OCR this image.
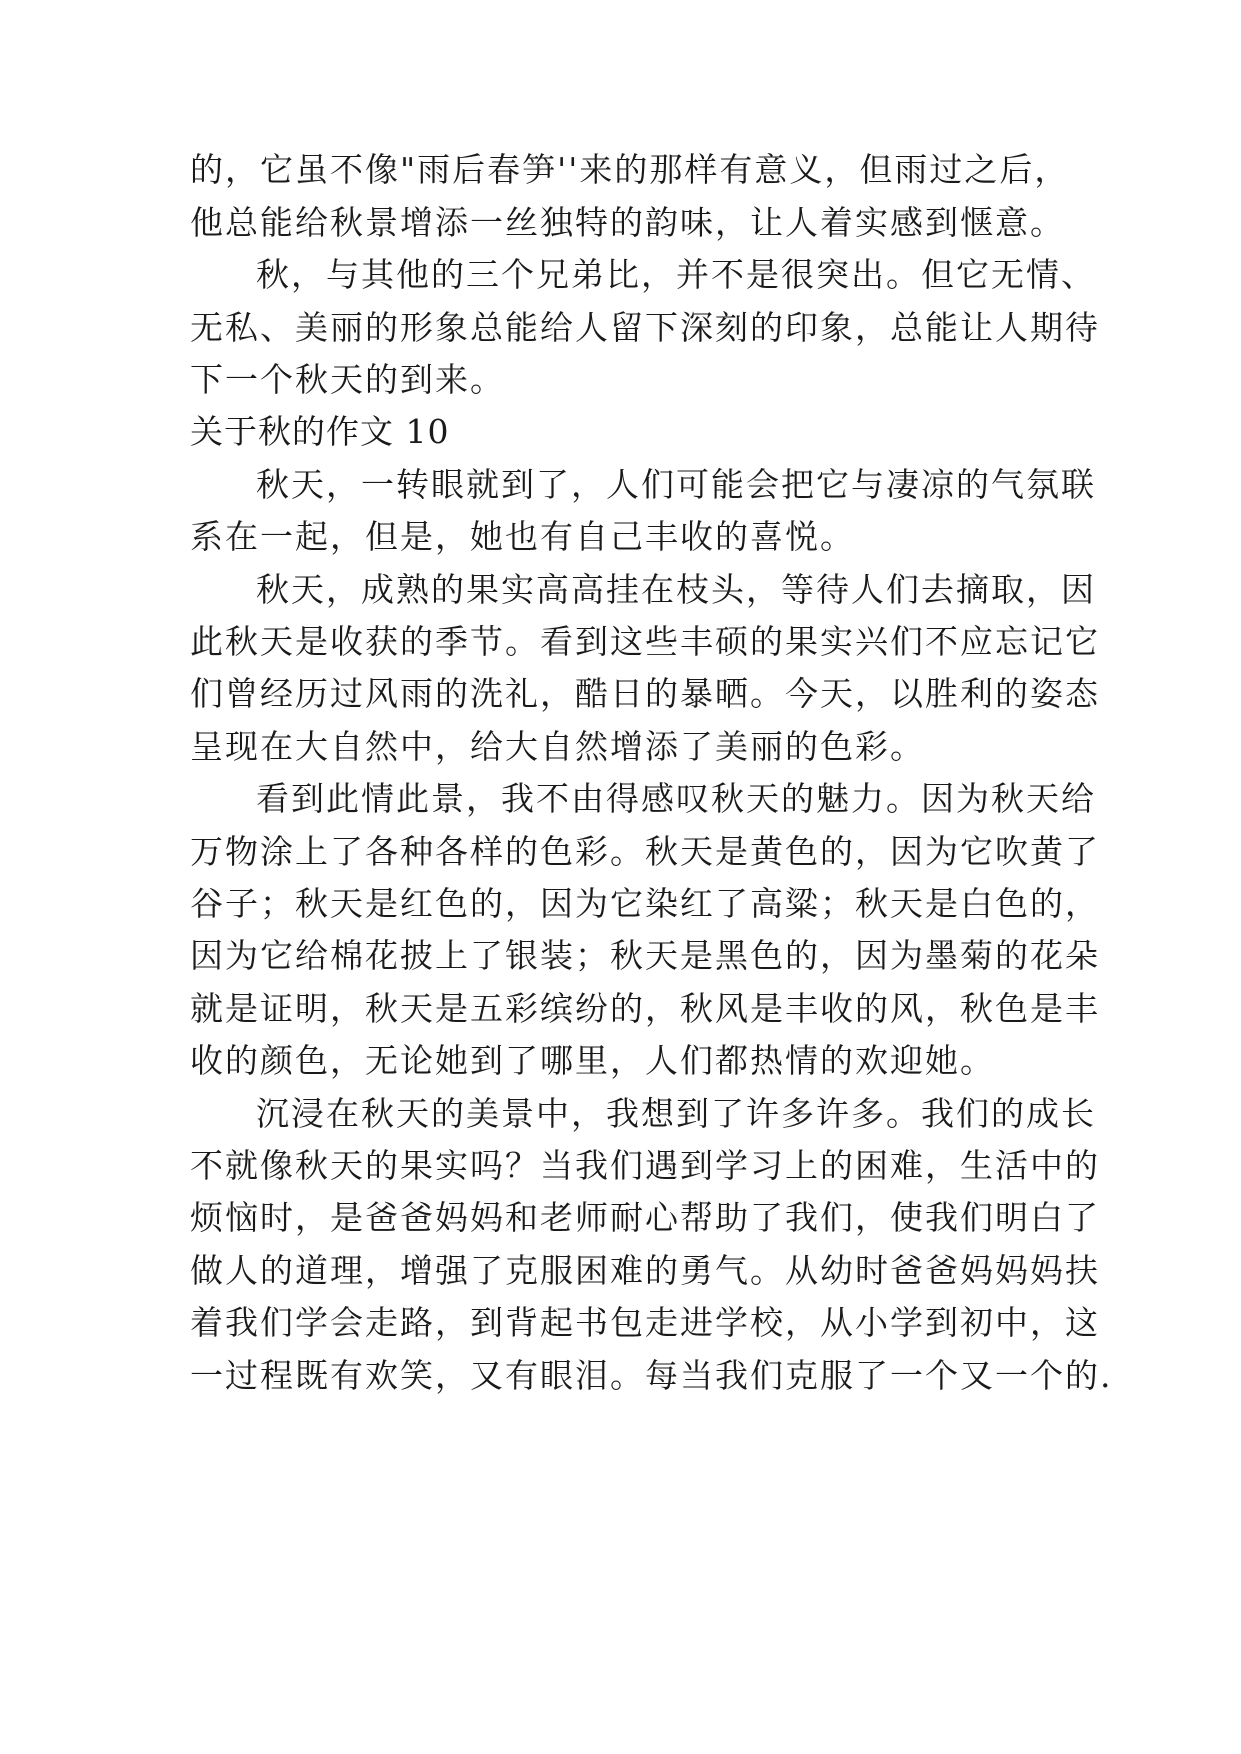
的，它虽不像"雨后春笋''来的那样有意义，但雨过之后，

他总能给秋景增添一丝独特的韵味，让人着实感到惬意。

秋，与其他的三个兄弟比，并不是很突出。但它无情、

无私、美丽的形象总能给人留下深刻的印象，总能让人期待

下一个秋天的到来。

关于秋的作文 10

秋天，一转眼就到了，人们可能会把它与凄凉的气氛联

系在一起，但是，她也有自己丰收的喜悦。

秋天，成熟的果实高高挂在枝头，等待人们去摘取，因

此秋天是收获的季节。看到这些丰硕的果实兴们不应忘记它

们曾经历过风雨的洗礼，酷日的暴晒。今天，以胜利的姿态

呈现在大自然中，给大自然增添了美丽的色彩。

看到此情此景，我不由得感叹秋天的魅力。因为秋天给

万物涂上了各种各样的色彩。秋天是黄色的，因为它吹黄了

谷子；秋天是红色的，因为它染红了高粱；秋天是白色的，

因为它给棉花披上了银装；秋天是黑色的，因为墨菊的花朵

就是证明，秋天是五彩缤纷的，秋风是丰收的风，秋色是丰

收的颜色，无论她到了哪里，人们都热情的欢迎她。

沉浸在秋天的美景中，我想到了许多许多。我们的成长

不就像秋天的果实吗？当我们遇到学习上的困难，生活中的

烦恼时，是爸爸妈妈和老师耐心帮助了我们，使我们明白了

做人的道理，增强了克服困难的勇气。从幼时爸爸妈妈妈扶

着我们学会走路，到背起书包走进学校，从小学到初中，这

一过程既有欢笑，又有眼泪。每当我们克服了一个又一个的.
